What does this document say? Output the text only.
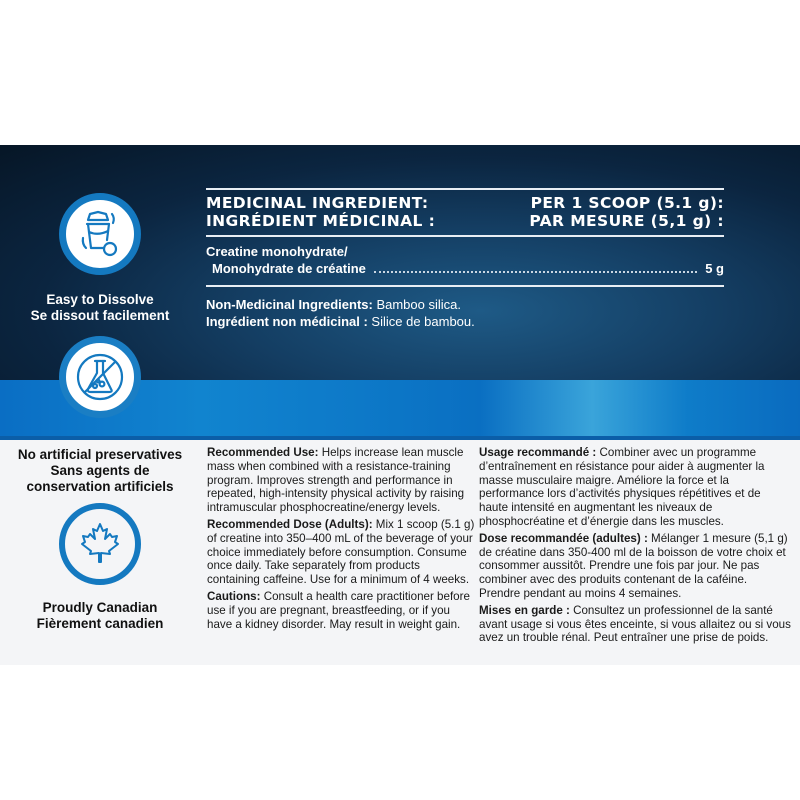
Easy to Dissolve
Se dissout facilement
No artificial preservatives
Sans agents de
conservation artificiels
Proudly Canadian
Fièrement canadien
MEDICINAL INGREDIENT:
INGRÉDIENT MÉDICINAL :
PER 1 SCOOP (5.1 g):
PAR MESURE (5,1 g) :
Creatine monohydrate/
Monohydrate de créatine	5 g
Non-Medicinal Ingredients: Bamboo silica.
Ingrédient non médicinal : Silice de bambou.

Recommended Use: Helps increase lean muscle mass when combined with a resistance-training program. Improves strength and performance in repeated, high-intensity physical activity by raising intramuscular phosphocreatine/energy levels.

Recommended Dose (Adults): Mix 1 scoop (5.1 g) of creatine into 350–400 mL of the beverage of your choice immediately before consumption. Consume once daily. Take separately from products containing caffeine. Use for a minimum of 4 weeks.

Cautions: Consult a health care practitioner before use if you are pregnant, breastfeeding, or if you have a kidney disorder. May result in weight gain.

Usage recommandé : Combiner avec un programme d’entraînement en résistance pour aider à augmenter la masse musculaire maigre. Améliore la force et la performance lors d’activités physiques répétitives et de haute intensité en augmentant les niveaux de phosphocréatine et d’énergie dans les muscles.

Dose recommandée (adultes) : Mélanger 1 mesure (5,1 g) de créatine dans 350-400 ml de la boisson de votre choix et consommer aussitôt. Prendre une fois par jour. Ne pas combiner avec des produits contenant de la caféine. Prendre pendant au moins 4 semaines.

Mises en garde : Consultez un professionnel de la santé avant usage si vous êtes enceinte, si vous allaitez ou si vous avez un trouble rénal. Peut entraîner une prise de poids.
